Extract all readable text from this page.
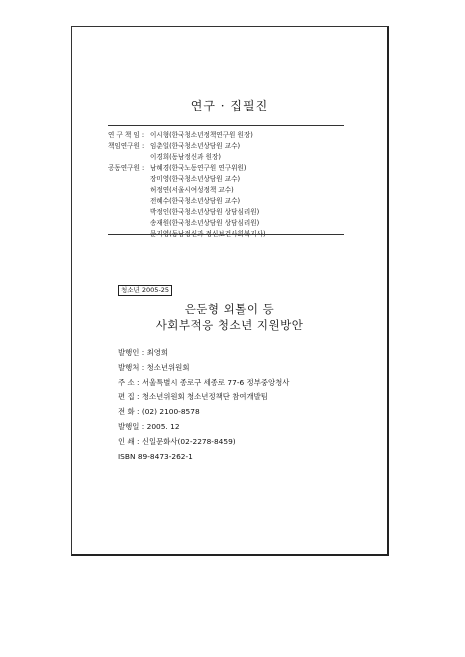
연구 · 집필진
연 구 책 임 : 이시형(한국청소년정책연구원 원장)
책임연구원 : 임춘일(한국청소년상담원 교수)
이경희(동남정신과 원장)
공동연구원 : 남혜경(한국노동연구원 연구위원)
장미영(한국청소년상담원 교수)
허정연(서울시여성정책 교수)
전혜수(한국청소년상담원 교수)
박정인(한국청소년상담원 상담심리원)
송재원(한국청소년상담원 상담심리원)
문지영(동남정신과 정신보건사회복지사)
청소년 2005-25
은둔형 외톨이 등
사회부적응 청소년 지원방안
발행인 : 최영희
발행처 : 청소년위원회
주 소 : 서울특별시 종로구 세종로 77-6 정부중앙청사
편 집 : 청소년위원회 청소년정책단 참여개발팀
전 화 : (02) 2100-8578
발행일 : 2005. 12
인 쇄 : 신일문화사(02-2278-8459)
ISBN 89-8473-262-1
